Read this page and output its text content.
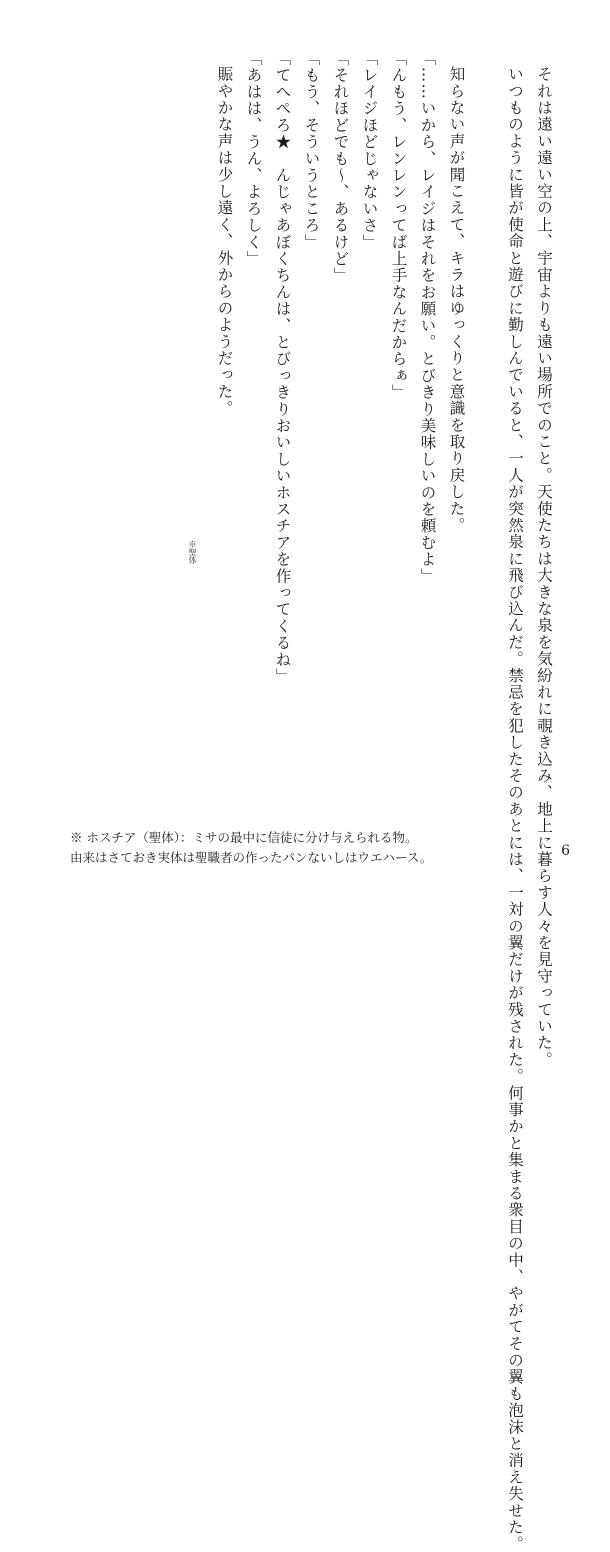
それは遠い遠い空の上、宇宙よりも遠い場所でのこと。天使たちは大きな泉を気紛れに覗き込み、地上に暮らす人々を見守っていた。

いつものように皆が使命と遊びに勤しんでいると、一人が突然泉に飛び込んだ。禁忌を犯したそのあとには、一対の翼だけが残された。何事かと集まる衆目の中、やがてその翼も泡沫と消え失せた。

知らない声が聞こえて、キラはゆっくりと意識を取り戻した。

「……いから、レイジはそれをお願い。とびきり美味しいのを頼むよ」

「んもう、レンレンってば上手なんだからぁ」

「レイジほどじゃないさ」

「それほどでも〜、あるけど」

「もう、そういうところ」

「てへぺろ★　んじゃあぼくちんは、とびっきりおいしいホスチアを作ってくるね」

「あはは、うん、よろしく」

賑やかな声は少し遠く、外からのようだった。

※聖体
※ ホスチア（聖体）：ミサの最中に信徒に分け与えられる物。
由来はさておき実体は聖職者の作ったパンないしはウエハース。	6
